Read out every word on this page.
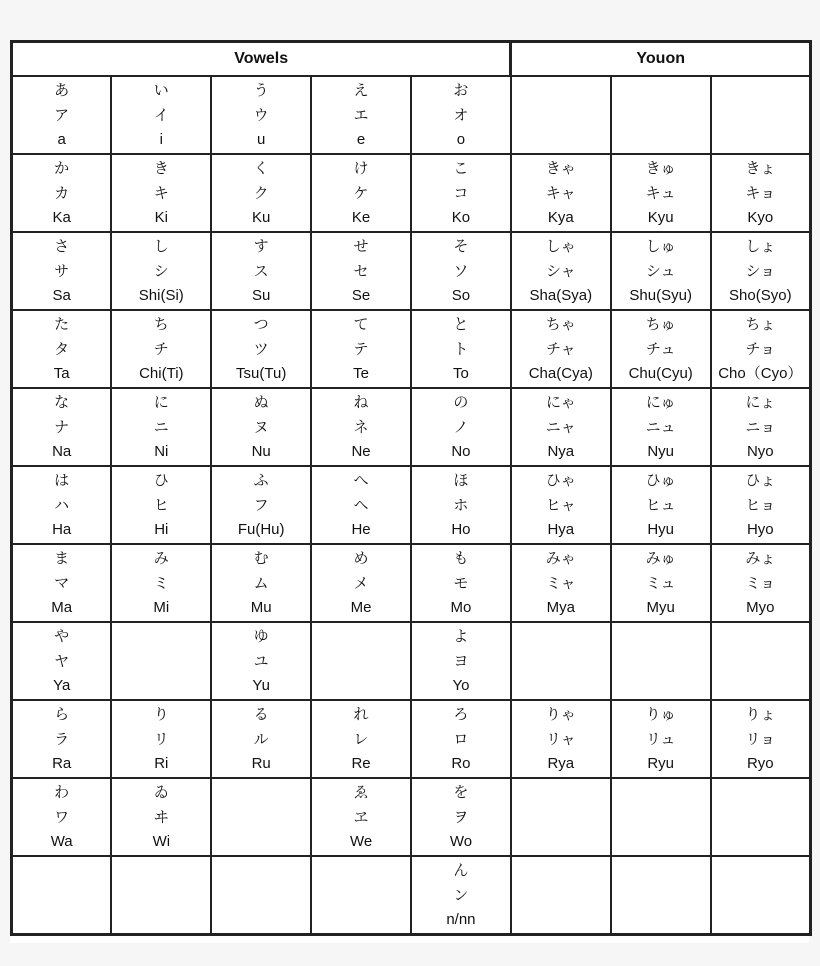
Vowels					Youon		

あ
ア
a	い
イ
i	う
ウ
u	え
エ
e	お
オ
o			

か
カ
Ka	き
キ
Ki	く
ク
Ku	け
ケ
Ke	こ
コ
Ko	きゃ
キャ
Kya	きゅ
キュ
Kyu	きょ
キョ
Kyo

さ
サ
Sa	し
シ
Shi(Si)	す
ス
Su	せ
セ
Se	そ
ソ
So	しゃ
シャ
Sha(Sya)	しゅ
シュ
Shu(Syu)	しょ
ショ
Sho(Syo)

た
タ
Ta	ち
チ
Chi(Ti)	つ
ツ
Tsu(Tu)	て
テ
Te	と
ト
To	ちゃ
チャ
Cha(Cya)	ちゅ
チュ
Chu(Cyu)	ちょ
チョ
Cho（Cyo）

な
ナ
Na	に
ニ
Ni	ぬ
ヌ
Nu	ね
ネ
Ne	の
ノ
No	にゃ
ニャ
Nya	にゅ
ニュ
Nyu	にょ
ニョ
Nyo

は
ハ
Ha	ひ
ヒ
Hi	ふ
フ
Fu(Hu)	へ
ヘ
He	ほ
ホ
Ho	ひゃ
ヒャ
Hya	ひゅ
ヒュ
Hyu	ひょ
ヒョ
Hyo

ま
マ
Ma	み
ミ
Mi	む
ム
Mu	め
メ
Me	も
モ
Mo	みゃ
ミャ
Mya	みゅ
ミュ
Myu	みょ
ミョ
Myo

や
ヤ
Ya		ゆ
ユ
Yu		よ
ヨ
Yo			

ら
ラ
Ra	り
リ
Ri	る
ル
Ru	れ
レ
Re	ろ
ロ
Ro	りゃ
リャ
Rya	りゅ
リュ
Ryu	りょ
リョ
Ryo

わ
ワ
Wa	ゐ
ヰ
Wi		ゑ
ヱ
We	を
ヲ
Wo			

				ん
ン
n/nn			
